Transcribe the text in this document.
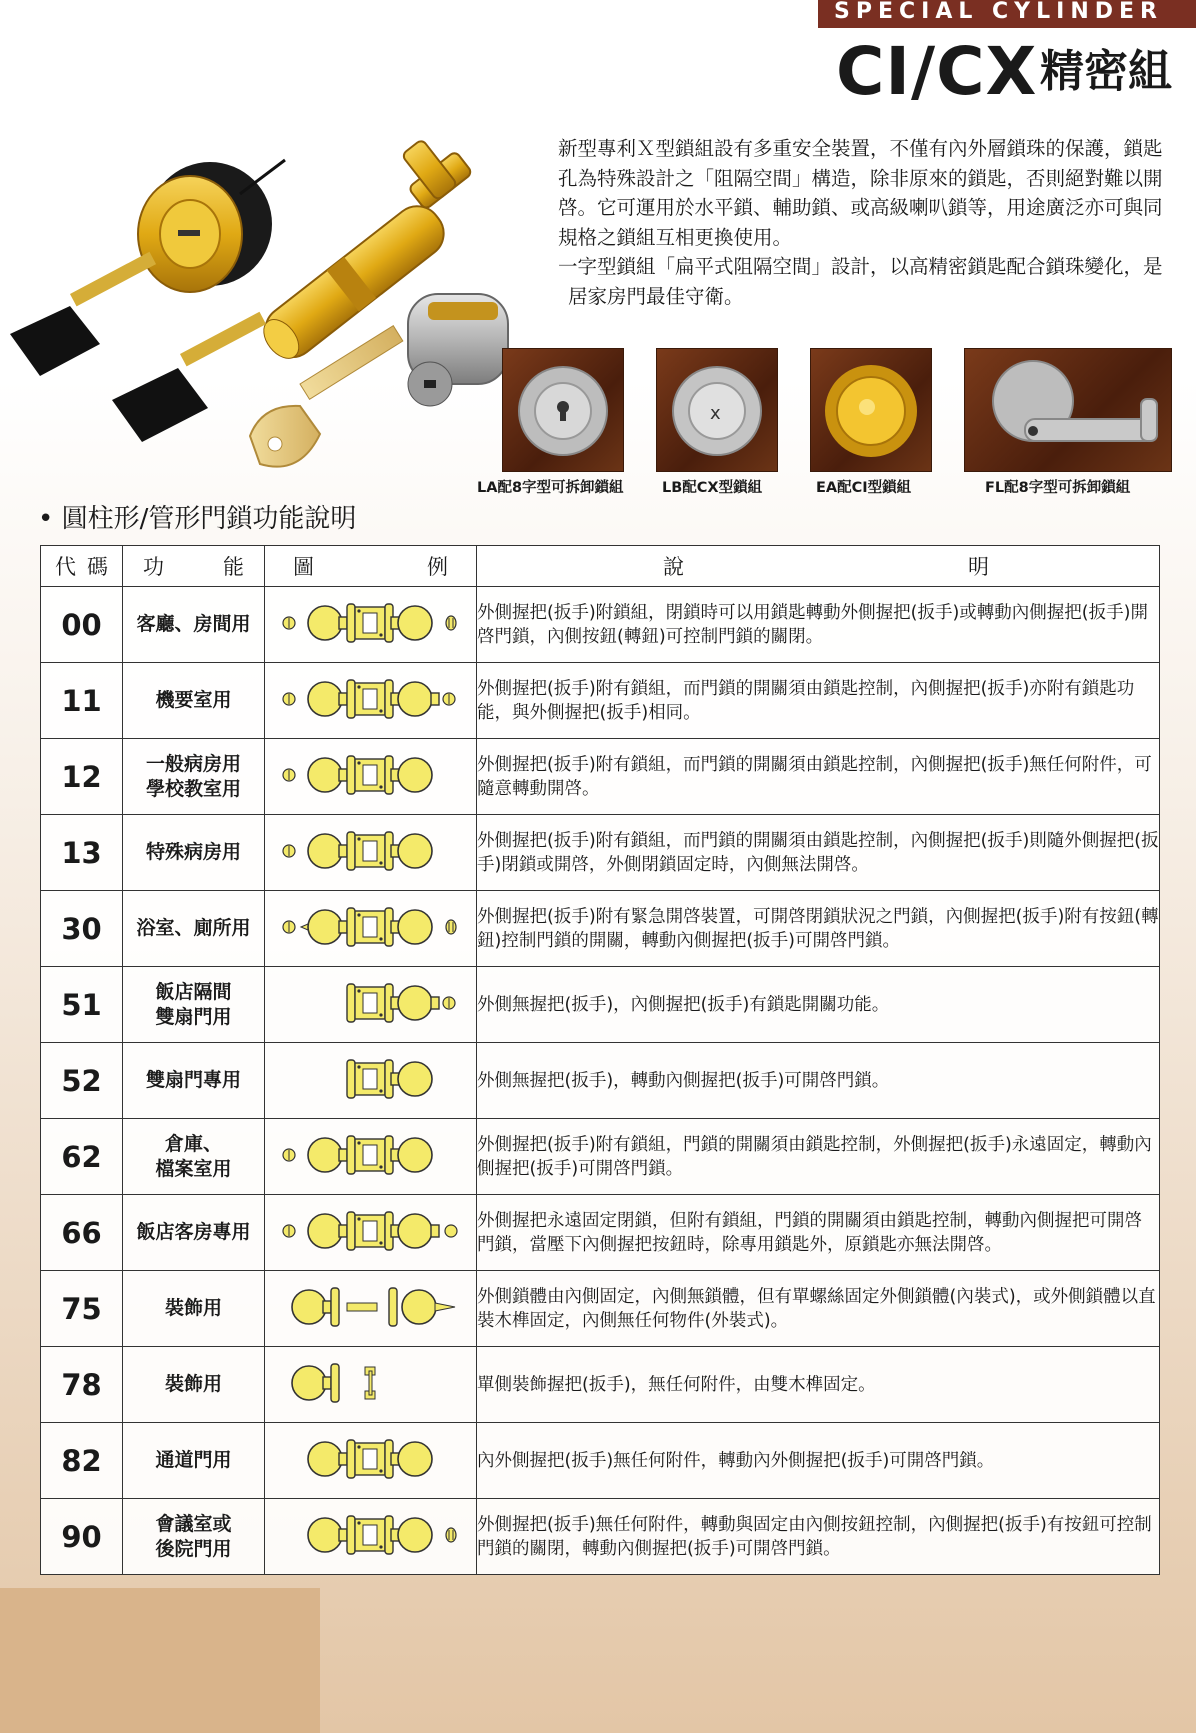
SPECIAL CYLINDER
CI/CX 精密組

新型專利Ｘ型鎖組設有多重安全裝置，不僅有內外層鎖珠的保護，鎖匙孔為特殊設計之「阻隔空間」構造，除非原來的鎖匙，否則絕對難以開啓。它可運用於水平鎖、輔助鎖、或高級喇叭鎖等，用途廣泛亦可與同規格之鎖組互相更換使用。

一字型鎖組「扁平式阻隔空間」設計，以高精密鎖匙配合鎖珠變化，是居家房門最佳守衛。

x
LA配8字型可拆卸鎖組	LB配CX型鎖組	EA配CI型鎖組	FL配8字型可拆卸鎖組
• 圓柱形/管形門鎖功能說明
代 碼	功 能	圖 例	說 明

00	客廳、房間用		外側握把(扳手)附鎖組，閉鎖時可以用鎖匙轉動外側握把(扳手)或轉動內側握把(扳手)開啓門鎖，內側按鈕(轉鈕)可控制門鎖的關閉。
11	機要室用		外側握把(扳手)附有鎖組，而門鎖的開關須由鎖匙控制，內側握把(扳手)亦附有鎖匙功能，與外側握把(扳手)相同。
12	一般病房用
學校教室用		外側握把(扳手)附有鎖組，而門鎖的開關須由鎖匙控制，內側握把(扳手)無任何附件，可隨意轉動開啓。
13	特殊病房用		外側握把(扳手)附有鎖組，而門鎖的開關須由鎖匙控制，內側握把(扳手)則隨外側握把(扳手)閉鎖或開啓，外側閉鎖固定時，內側無法開啓。
30	浴室、廁所用		外側握把(扳手)附有緊急開啓裝置，可開啓閉鎖狀況之門鎖，內側握把(扳手)附有按鈕(轉鈕)控制門鎖的開關，轉動內側握把(扳手)可開啓門鎖。
51	飯店隔間
雙扇門用		外側無握把(扳手)，內側握把(扳手)有鎖匙開關功能。
52	雙扇門專用		外側無握把(扳手)，轉動內側握把(扳手)可開啓門鎖。
62	倉庫、
檔案室用		外側握把(扳手)附有鎖組，門鎖的開關須由鎖匙控制，外側握把(扳手)永遠固定，轉動內側握把(扳手)可開啓門鎖。
66	飯店客房專用		外側握把永遠固定閉鎖，但附有鎖組，門鎖的開關須由鎖匙控制，轉動內側握把可開啓門鎖，當壓下內側握把按鈕時，除專用鎖匙外，原鎖匙亦無法開啓。
75	裝飾用		外側鎖體由內側固定，內側無鎖體，但有單螺絲固定外側鎖體(內裝式)，或外側鎖體以直裝木榫固定，內側無任何物件(外裝式)。
78	裝飾用		單側裝飾握把(扳手)，無任何附件，由雙木榫固定。
82	通道門用		內外側握把(扳手)無任何附件，轉動內外側握把(扳手)可開啓門鎖。
90	會議室或
後院門用		外側握把(扳手)無任何附件，轉動與固定由內側按鈕控制，內側握把(扳手)有按鈕可控制門鎖的關閉，轉動內側握把(扳手)可開啓門鎖。
